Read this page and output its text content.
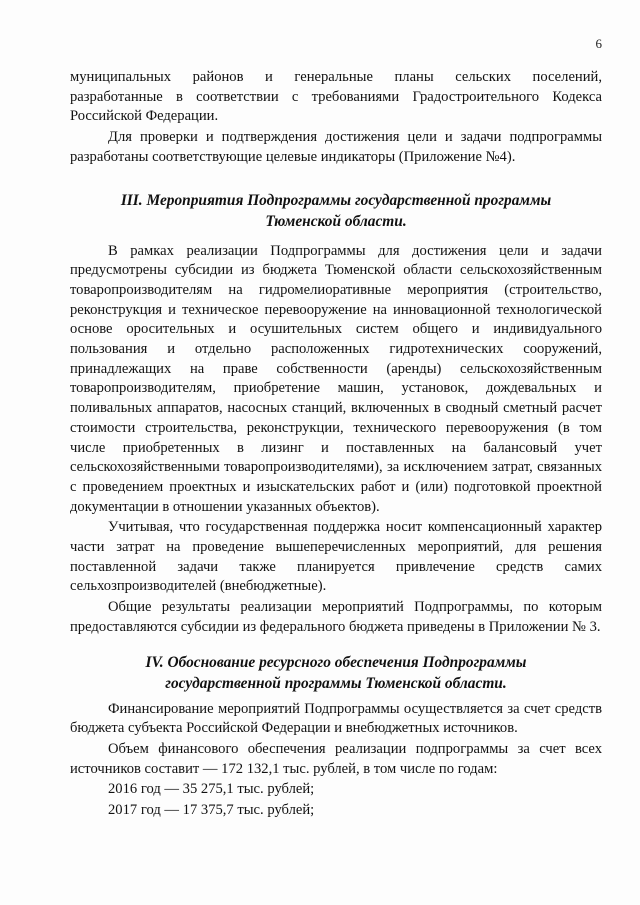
6

муниципальных районов и генеральные планы сельских поселений,

разработанные в соответствии с требованиями Градостроительного Кодекса Российской Федерации.

Для проверки и подтверждения достижения цели и задачи подпрограммы разработаны соответствующие целевые индикаторы (Приложение №4).

III. Мероприятия Подпрограммы государственной программы
Тюменской области.

В рамках реализации Подпрограммы для достижения цели и задачи предусмотрены субсидии из бюджета Тюменской области сельскохозяйственным товаропроизводителям на гидромелиоративные мероприятия (строительство, реконструкция и техническое перевооружение на инновационной технологической основе оросительных и осушительных систем общего и индивидуального пользования и отдельно расположенных гидротехнических сооружений, принадлежащих на праве собственности (аренды) сельскохозяйственным товаропроизводителям, приобретение машин, установок, дождевальных и поливальных аппаратов, насосных станций, включенных в сводный сметный расчет стоимости строительства, реконструкции, технического перевооружения (в том числе приобретенных в лизинг и поставленных на балансовый учет сельскохозяйственными товаропроизводителями), за исключением затрат, связанных с проведением проектных и изыскательских работ и (или) подготовкой проектной документации в отношении указанных объектов).

Учитывая, что государственная поддержка носит компенсационный характер части затрат на проведение вышеперечисленных мероприятий, для решения поставленной задачи также планируется привлечение средств самих сельхозпроизводителей (внебюджетные).

Общие результаты реализации мероприятий Подпрограммы, по которым предоставляются субсидии из федерального бюджета приведены в Приложении № 3.

IV. Обоснование ресурсного обеспечения Подпрограммы
государственной программы Тюменской области.

Финансирование мероприятий Подпрограммы осуществляется за счет средств бюджета субъекта Российской Федерации и внебюджетных источников.

Объем финансового обеспечения реализации подпрограммы за счет всех источников составит — 172 132,1 тыс. рублей, в том числе по годам:

2016 год — 35 275,1 тыс. рублей;

2017 год — 17 375,7 тыс. рублей;
